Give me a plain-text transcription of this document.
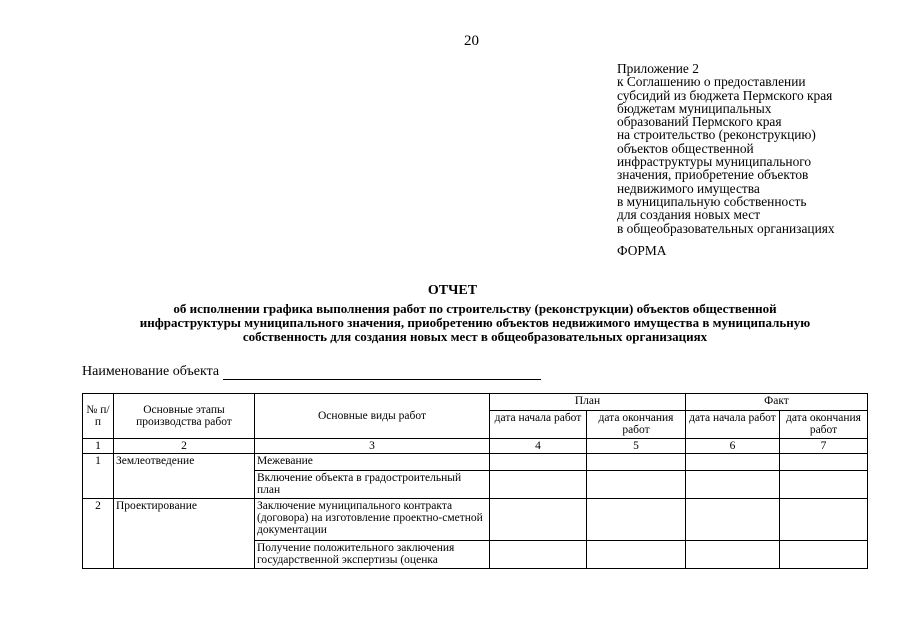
20
Приложение 2
к Соглашению о предоставлении
субсидий из бюджета Пермского края
бюджетам муниципальных
образований Пермского края
на строительство (реконструкцию)
объектов общественной
инфраструктуры муниципального
значения, приобретение объектов
недвижимого имущества
в муниципальную собственность
для создания новых мест
в общеобразовательных организациях
ФОРМА
ОТЧЕТ
об исполнении графика выполнения работ по строительству (реконструкции) объектов общественной
инфраструктуры муниципального значения, приобретению объектов недвижимого имущества в муниципальную
собственность для создания новых мест в общеобразовательных организациях
Наименование объекта
№ п/п	Основные этапы производства работ	Основные виды работ	План		Факт	
			дата начала работ	дата окончания работ	дата начала работ	дата окончания работ
1	2	3	4	5	6	7
1	Землеотведение	Межевание				
		Включение объекта в градостроительный план				
2	Проектирование	Заключение муниципального контракта (договора) на изготовление проектно-сметной документации				
		Получение положительного заключения государственной экспертизы (оценка				
